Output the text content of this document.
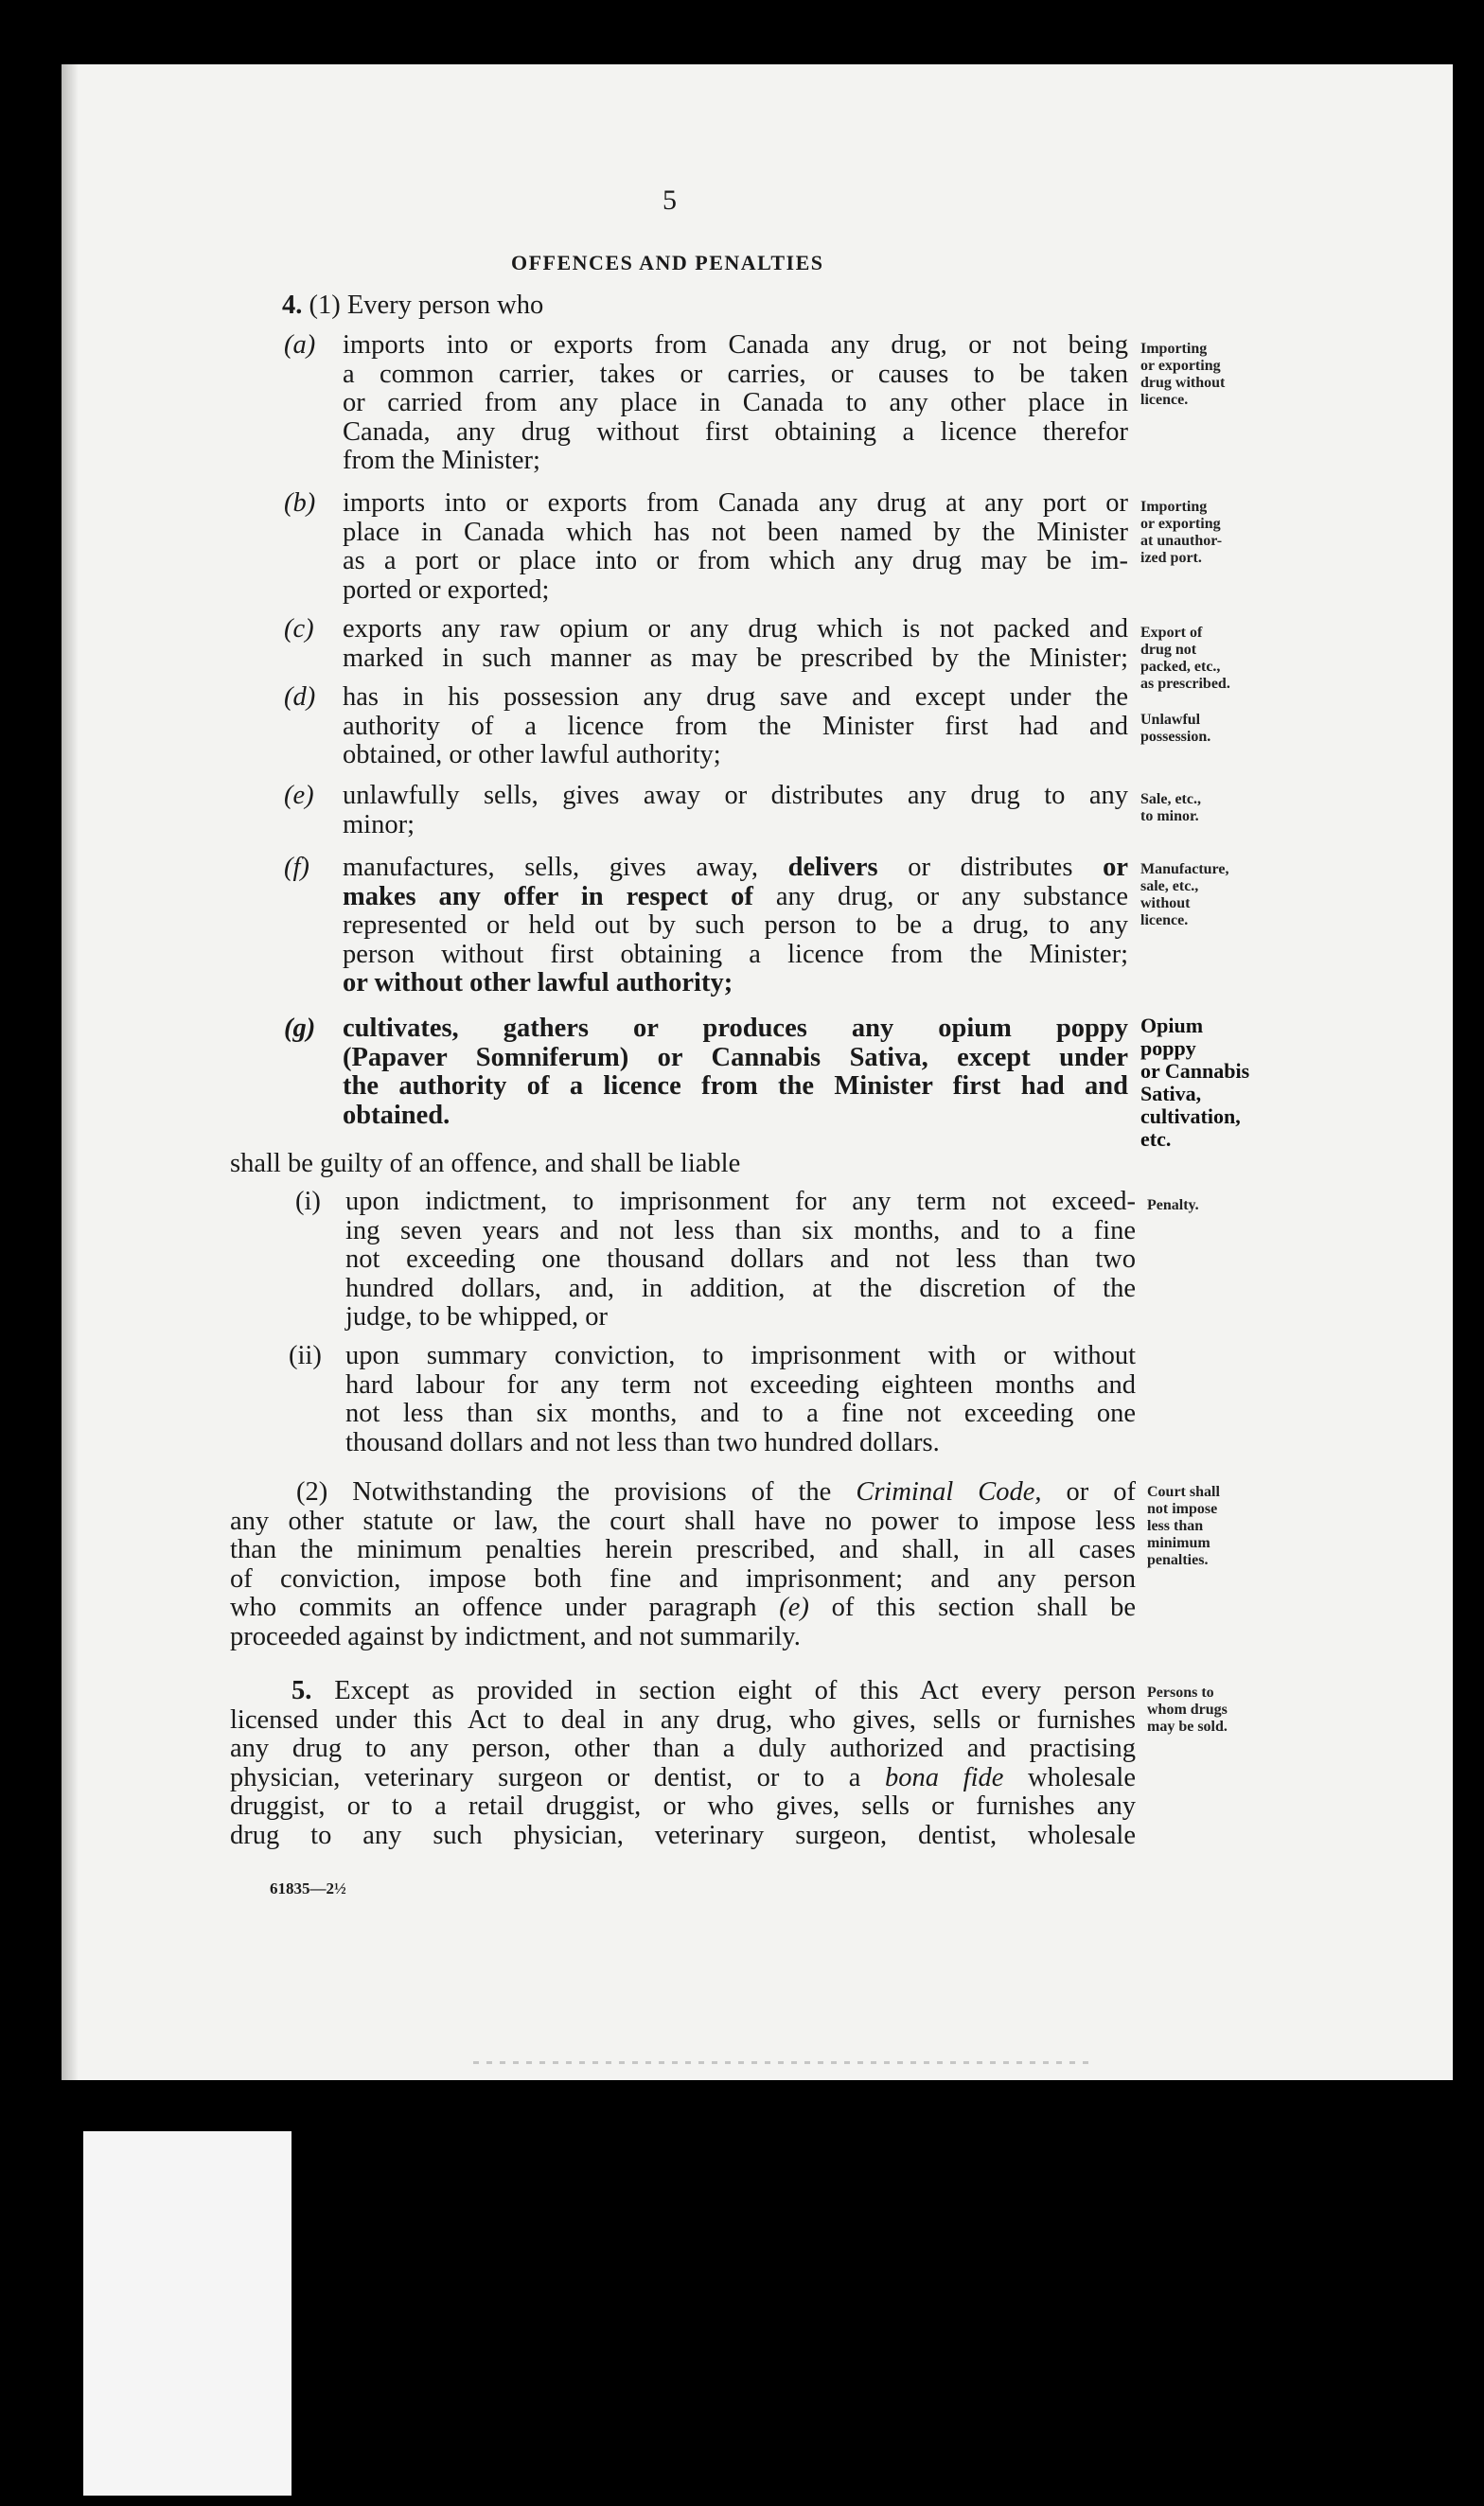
5
OFFENCES AND PENALTIES
4. (1) Every person who
(a) imports into or exports from Canada any drug, or not being
a common carrier, takes or carries, or causes to be taken
or carried from any place in Canada to any other place in
Canada, any drug without first obtaining a licence therefor
from the Minister;
Importing
or exporting
drug without
licence.
(b) imports into or exports from Canada any drug at any port or
place in Canada which has not been named by the Minister
as a port or place into or from which any drug may be im-
ported or exported;
Importing
or exporting
at unauthor-
ized port.
(c) exports any raw opium or any drug which is not packed and
marked in such manner as may be prescribed by the Minister;
Export of
drug not
packed, etc.,
as prescribed.
(d) has in his possession any drug save and except under the
authority of a licence from the Minister first had and
obtained, or other lawful authority;
Unlawful
possession.
(e) unlawfully sells, gives away or distributes any drug to any
minor;
Sale, etc.,
to minor.
(f) manufactures, sells, gives away, delivers or distributes or
makes any offer in respect of any drug, or any substance
represented or held out by such person to be a drug, to any
person without first obtaining a licence from the Minister;
or without other lawful authority;
Manufacture,
sale, etc.,
without
licence.
(g) cultivates, gathers or produces any opium poppy
(Papaver Somniferum) or Cannabis Sativa, except under
the authority of a licence from the Minister first had and
obtained.
Opium
poppy
or Cannabis
Sativa,
cultivation,
etc.
shall be guilty of an offence, and shall be liable
(i) upon indictment, to imprisonment for any term not exceed-
ing seven years and not less than six months, and to a fine
not exceeding one thousand dollars and not less than two
hundred dollars, and, in addition, at the discretion of the
judge, to be whipped, or
Penalty.
(ii) upon summary conviction, to imprisonment with or without
hard labour for any term not exceeding eighteen months and
not less than six months, and to a fine not exceeding one
thousand dollars and not less than two hundred dollars.
(2) Notwithstanding the provisions of the Criminal Code, or of
any other statute or law, the court shall have no power to impose less
than the minimum penalties herein prescribed, and shall, in all cases
of conviction, impose both fine and imprisonment; and any person
who commits an offence under paragraph (e) of this section shall be
proceeded against by indictment, and not summarily.
Court shall
not impose
less than
minimum
penalties.
5. Except as provided in section eight of this Act every person
licensed under this Act to deal in any drug, who gives, sells or furnishes
any drug to any person, other than a duly authorized and practising
physician, veterinary surgeon or dentist, or to a bona fide wholesale
druggist, or to a retail druggist, or who gives, sells or furnishes any
drug to any such physician, veterinary surgeon, dentist, wholesale
Persons to
whom drugs
may be sold.
61835—2½
